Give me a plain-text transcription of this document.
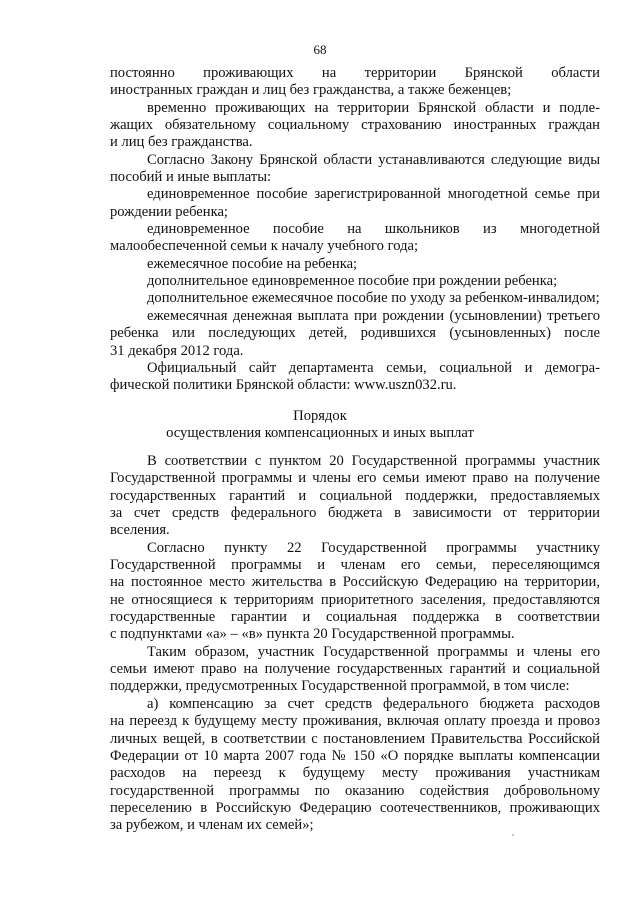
68
постоянно проживающих на территории Брянской области
иностранных граждан и лиц без гражданства, а также беженцев;
временно проживающих на территории Брянской области и подле-
жащих обязательному социальному страхованию иностранных граждан
и лиц без гражданства.
Согласно Закону Брянской области устанавливаются следующие виды
пособий и иные выплаты:
единовременное пособие зарегистрированной многодетной семье при
рождении ребенка;
единовременное пособие на школьников из многодетной
малообеспеченной семьи к началу учебного года;
ежемесячное пособие на ребенка;
дополнительное единовременное пособие при рождении ребенка;
дополнительное ежемесячное пособие по уходу за ребенком-инвалидом;
ежемесячная денежная выплата при рождении (усыновлении) третьего
ребенка или последующих детей, родившихся (усыновленных) после
31 декабря 2012 года.
Официальный сайт департамента семьи, социальной и демогра-
фической политики Брянской области: www.uszn032.ru.
Порядок
осуществления компенсационных и иных выплат
В соответствии с пунктом 20 Государственной программы участник
Государственной программы и члены его семьи имеют право на получение
государственных гарантий и социальной поддержки, предоставляемых
за счет средств федерального бюджета в зависимости от территории
вселения.
Согласно пункту 22 Государственной программы участнику
Государственной программы и членам его семьи, переселяющимся
на постоянное место жительства в Российскую Федерацию на территории,
не относящиеся к территориям приоритетного заселения, предоставляются
государственные гарантии и социальная поддержка в соответствии
с подпунктами «а» – «в» пункта 20 Государственной программы.
Таким образом, участник Государственной программы и члены его
семьи имеют право на получение государственных гарантий и социальной
поддержки, предусмотренных Государственной программой, в том числе:
а) компенсацию за счет средств федерального бюджета расходов
на переезд к будущему месту проживания, включая оплату проезда и провоз
личных вещей, в соответствии с постановлением Правительства Российской
Федерации от 10 марта 2007 года № 150 «О порядке выплаты компенсации
расходов на переезд к будущему месту проживания участникам
государственной программы по оказанию содействия добровольному
переселению в Российскую Федерацию соотечественников, проживающих
за рубежом, и членам их семей»;
